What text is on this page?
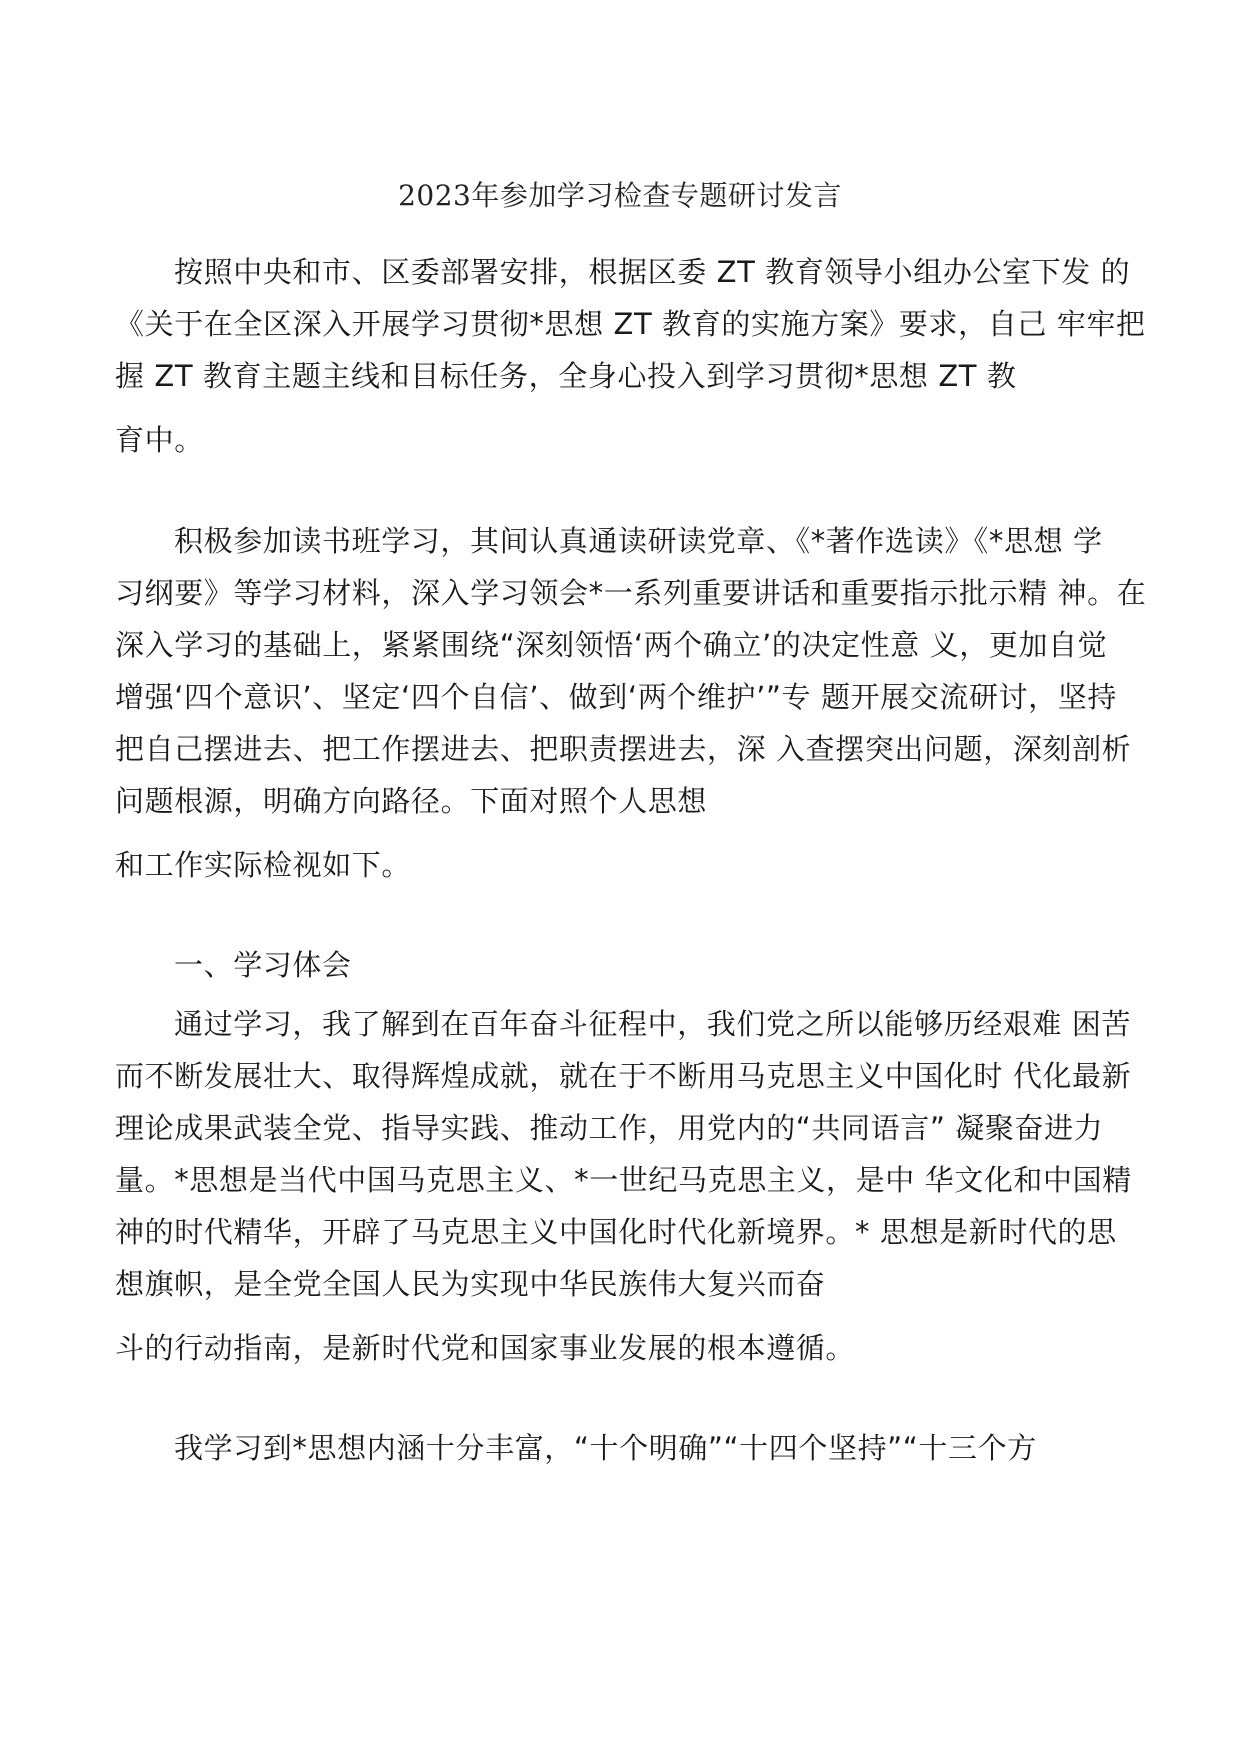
2023年参加学习检查专题研讨发言
按照中央和市、区委部署安排，根据区委 ZT 教育领导小组办公室下发 的
《关于在全区深入开展学习贯彻*思想 ZT 教育的实施方案》要求，自己 牢牢把
握 ZT 教育主题主线和目标任务，全身心投入到学习贯彻*思想 ZT 教
育中。
积极参加读书班学习，其间认真通读研读党章、《*著作选读》《*思想 学
习纲要》等学习材料，深入学习领会*一系列重要讲话和重要指示批示精 神。在
深入学习的基础上，紧紧围绕“深刻领悟‘两个确立’的决定性意 义，更加自觉
增强‘四个意识’、坚定‘四个自信’、做到‘两个维护’”专 题开展交流研讨，坚持
把自己摆进去、把工作摆进去、把职责摆进去，深 入查摆突出问题，深刻剖析
问题根源，明确方向路径。下面对照个人思想
和工作实际检视如下。
一、学习体会
通过学习，我了解到在百年奋斗征程中，我们党之所以能够历经艰难 困苦
而不断发展壮大、取得辉煌成就，就在于不断用马克思主义中国化时 代化最新
理论成果武装全党、指导实践、推动工作，用党内的“共同语言” 凝聚奋进力
量。*思想是当代中国马克思主义、*一世纪马克思主义，是中 华文化和中国精
神的时代精华，开辟了马克思主义中国化时代化新境界。* 思想是新时代的思
想旗帜，是全党全国人民为实现中华民族伟大复兴而奋
斗的行动指南，是新时代党和国家事业发展的根本遵循。
我学习到*思想内涵十分丰富，“十个明确”“十四个坚持”“十三个方
